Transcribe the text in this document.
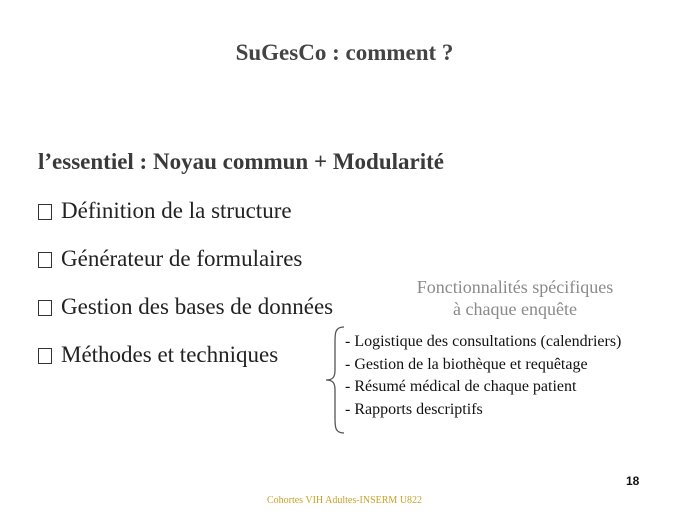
SuGesCo : comment ?
l’essentiel : Noyau commun + Modularité
Définition de la structure
Générateur de formulaires
Gestion des bases de données
Méthodes et techniques
Fonctionnalités spécifiques
à chaque enquête
- Logistique des consultations (calendriers)
- Gestion de la biothèque et requêtage
- Résumé médical de chaque patient
- Rapports descriptifs
18
Cohortes VIH Adultes-INSERM U822
